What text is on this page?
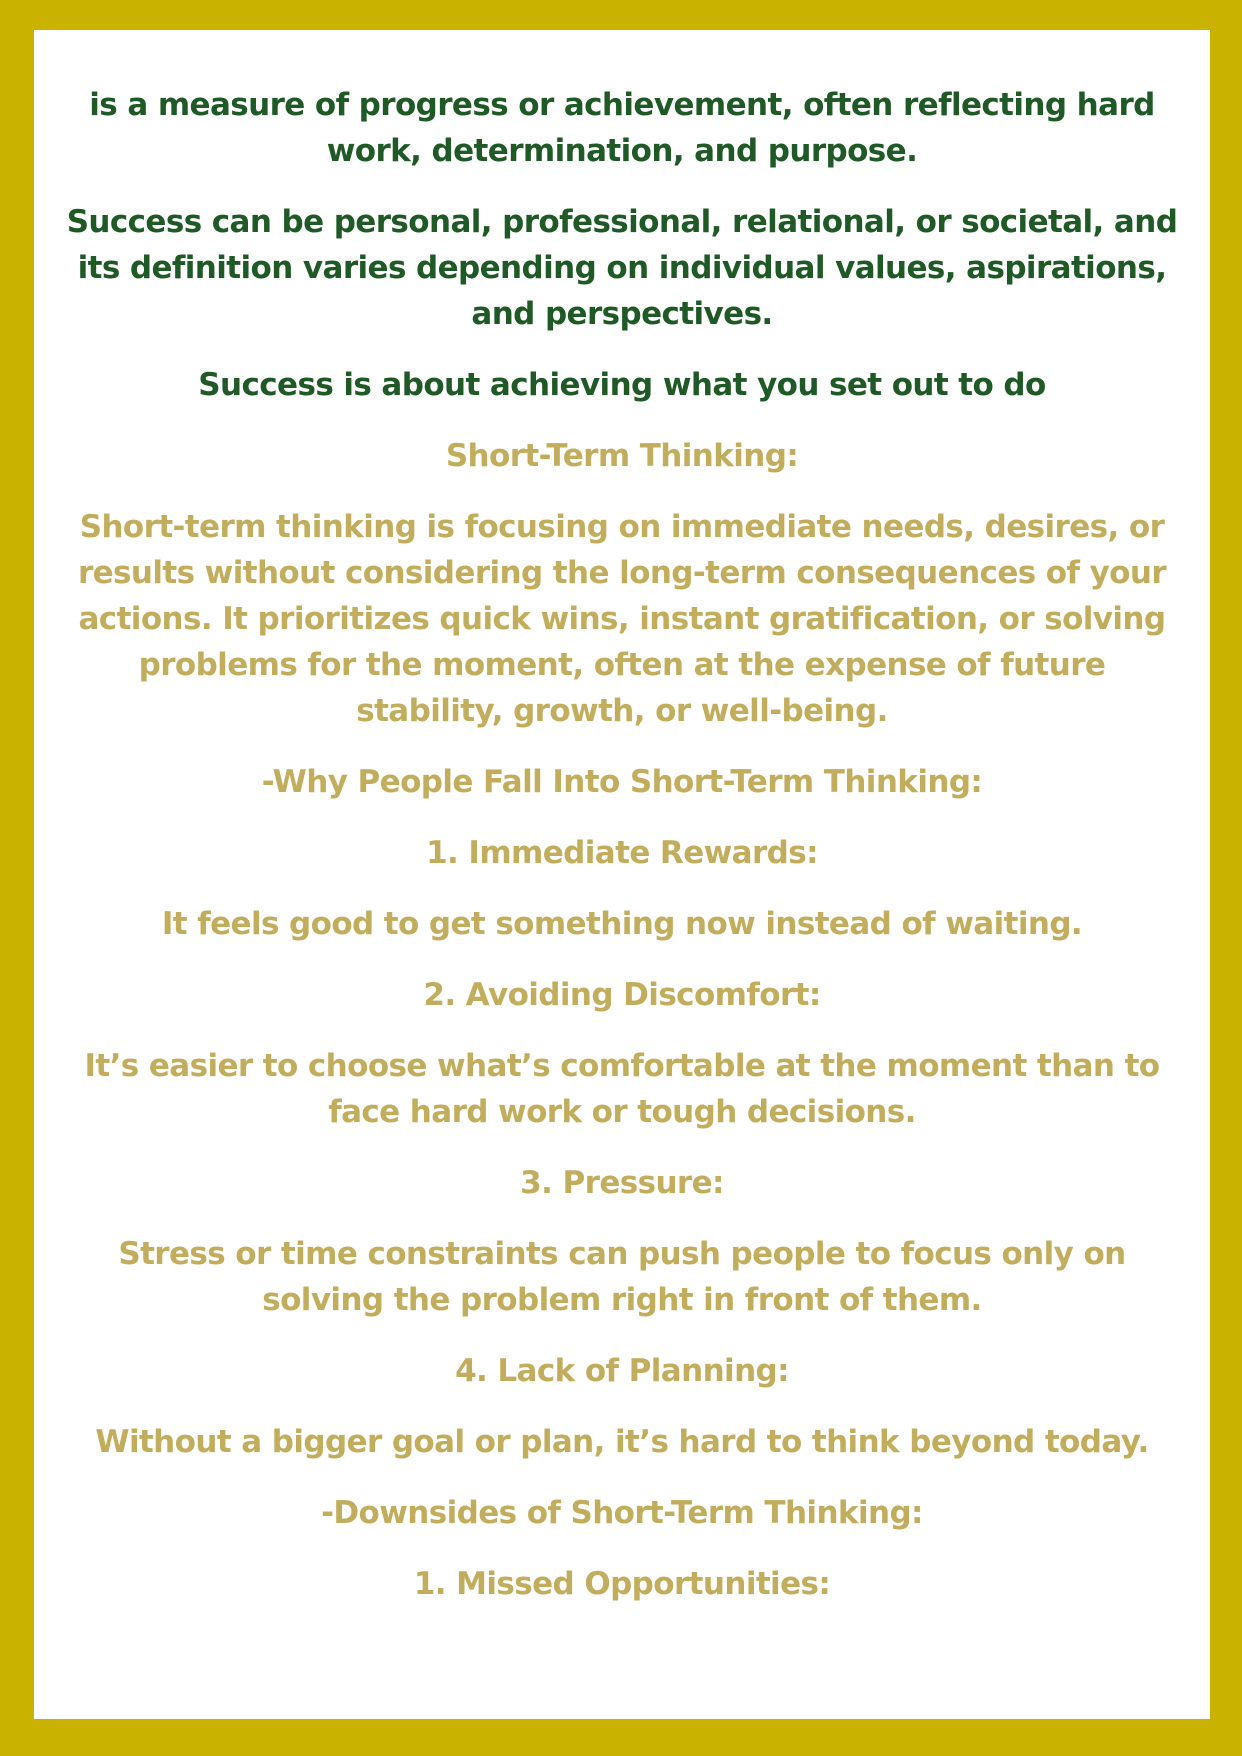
is a measure of progress or achievement, often reflecting hard work, determination, and purpose.

Success can be personal, professional, relational, or societal, and its definition varies depending on individual values, aspirations, and perspectives.

Success is about achieving what you set out to do

Short-Term Thinking:

Short-term thinking is focusing on immediate needs, desires, or results without considering the long-term consequences of your actions. It prioritizes quick wins, instant gratification, or solving problems for the moment, often at the expense of future stability, growth, or well-being.

-Why People Fall Into Short-Term Thinking:

1. Immediate Rewards:

It feels good to get something now instead of waiting.

2. Avoiding Discomfort:

It’s easier to choose what’s comfortable at the moment than to face hard work or tough decisions.

3. Pressure:

Stress or time constraints can push people to focus only on solving the problem right in front of them.

4. Lack of Planning:

Without a bigger goal or plan, it’s hard to think beyond today.

-Downsides of Short-Term Thinking:

1. Missed Opportunities:
